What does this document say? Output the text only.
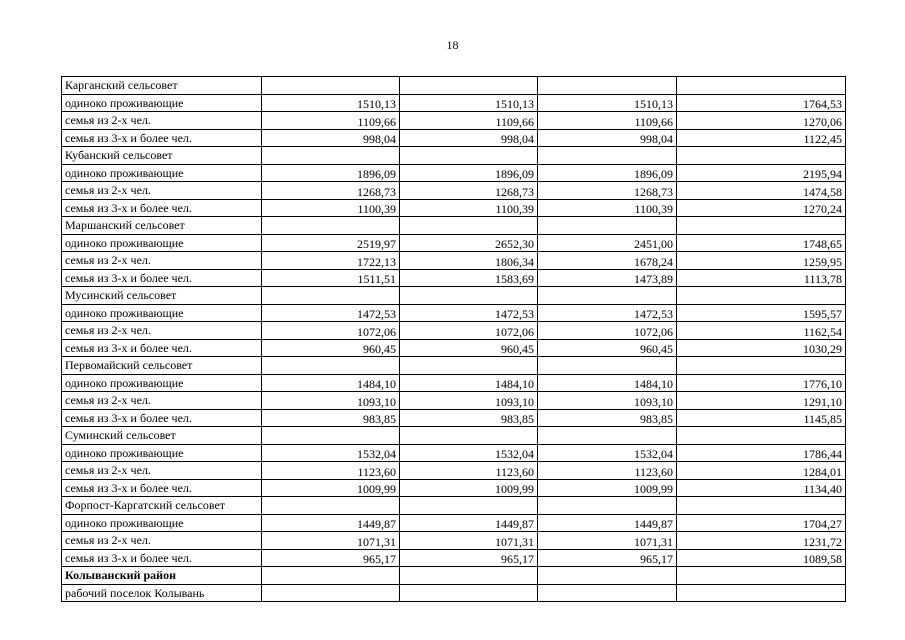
18
Карганский сельсовет				
одиноко проживающие	1510,13	1510,13	1510,13	1764,53
семья из 2-х чел.	1109,66	1109,66	1109,66	1270,06
семья из 3-х и более чел.	998,04	998,04	998,04	1122,45
Кубанский сельсовет				
одиноко проживающие	1896,09	1896,09	1896,09	2195,94
семья из 2-х чел.	1268,73	1268,73	1268,73	1474,58
семья из 3-х и более чел.	1100,39	1100,39	1100,39	1270,24
Маршанский сельсовет				
одиноко проживающие	2519,97	2652,30	2451,00	1748,65
семья из 2-х чел.	1722,13	1806,34	1678,24	1259,95
семья из 3-х и более чел.	1511,51	1583,69	1473,89	1113,78
Мусинский сельсовет				
одиноко проживающие	1472,53	1472,53	1472,53	1595,57
семья из 2-х чел.	1072,06	1072,06	1072,06	1162,54
семья из 3-х и более чел.	960,45	960,45	960,45	1030,29
Первомайский сельсовет				
одиноко проживающие	1484,10	1484,10	1484,10	1776,10
семья из 2-х чел.	1093,10	1093,10	1093,10	1291,10
семья из 3-х и более чел.	983,85	983,85	983,85	1145,85
Суминский сельсовет				
одиноко проживающие	1532,04	1532,04	1532,04	1786,44
семья из 2-х чел.	1123,60	1123,60	1123,60	1284,01
семья из 3-х и более чел.	1009,99	1009,99	1009,99	1134,40
Форпост-Каргатский сельсовет				
одиноко проживающие	1449,87	1449,87	1449,87	1704,27
семья из 2-х чел.	1071,31	1071,31	1071,31	1231,72
семья из 3-х и более чел.	965,17	965,17	965,17	1089,58
Колыванский район				
рабочий поселок Колывань				
